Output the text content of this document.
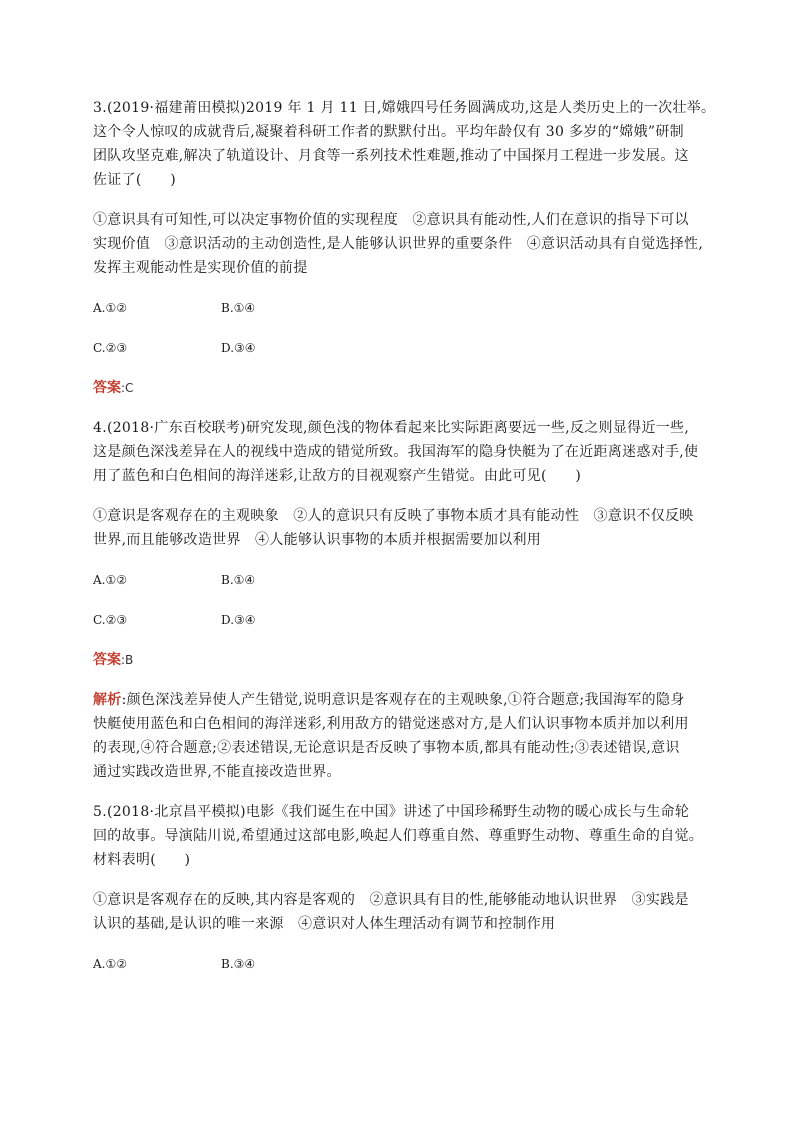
3.(2019·福建莆田模拟)2019 年 1 月 11 日,嫦娥四号任务圆满成功,这是人类历史上的一次壮举。
这个令人惊叹的成就背后,凝聚着科研工作者的默默付出。平均年龄仅有 30 多岁的“嫦娥”研制
团队攻坚克难,解决了轨道设计、月食等一系列技术性难题,推动了中国探月工程进一步发展。这
佐证了(　　)
①意识具有可知性,可以决定事物价值的实现程度　②意识具有能动性,人们在意识的指导下可以
实现价值　③意识活动的主动创造性,是人能够认识世界的重要条件　④意识活动具有自觉选择性,
发挥主观能动性是实现价值的前提
A.①②	B.①④
C.②③	D.③④
答案:C
4.(2018·广东百校联考)研究发现,颜色浅的物体看起来比实际距离要远一些,反之则显得近一些,
这是颜色深浅差异在人的视线中造成的错觉所致。我国海军的隐身快艇为了在近距离迷惑对手,使
用了蓝色和白色相间的海洋迷彩,让敌方的目视观察产生错觉。由此可见(　　)
①意识是客观存在的主观映象　②人的意识只有反映了事物本质才具有能动性　③意识不仅反映
世界,而且能够改造世界　④人能够认识事物的本质并根据需要加以利用
A.①②	B.①④
C.②③	D.③④
答案:B
解析:颜色深浅差异使人产生错觉,说明意识是客观存在的主观映象,①符合题意;我国海军的隐身
快艇使用蓝色和白色相间的海洋迷彩,利用敌方的错觉迷惑对方,是人们认识事物本质并加以利用
的表现,④符合题意;②表述错误,无论意识是否反映了事物本质,都具有能动性;③表述错误,意识
通过实践改造世界,不能直接改造世界。
5.(2018·北京昌平模拟)电影《我们诞生在中国》讲述了中国珍稀野生动物的暖心成长与生命轮
回的故事。导演陆川说,希望通过这部电影,唤起人们尊重自然、尊重野生动物、尊重生命的自觉。
材料表明(　　)
①意识是客观存在的反映,其内容是客观的　②意识具有目的性,能够能动地认识世界　③实践是
认识的基础,是认识的唯一来源　④意识对人体生理活动有调节和控制作用
A.①②	B.③④
